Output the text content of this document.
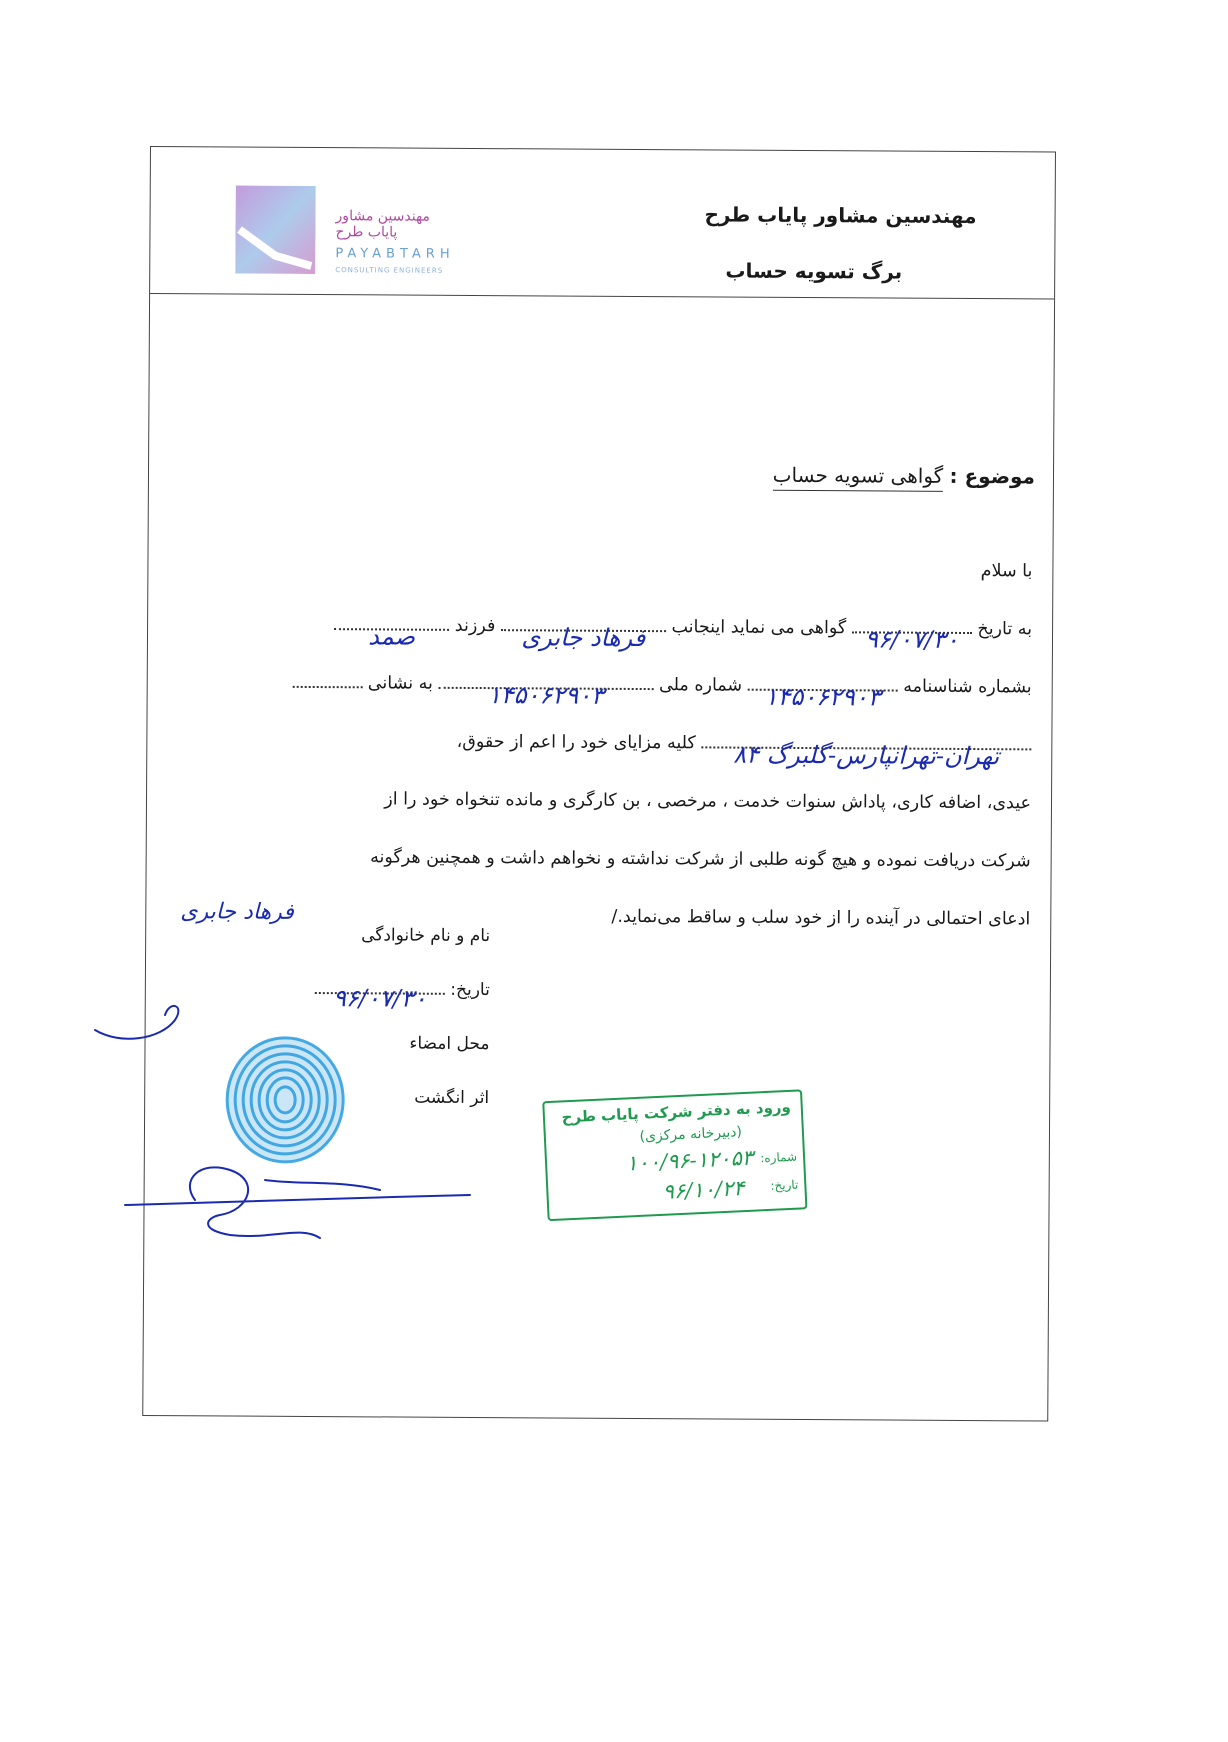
مهندسین مشاور پایاب طرح
PAYABTARH
CONSULTING ENGINEERS
مهندسین مشاور پایاب طرح
برگ تسویه حساب
موضوع : گواهی تسویه حساب
با سلام
به تاریخ
۹۶/۰۷/۳۰
گواهی می نماید اینجانب
فرهاد جابری
فرزند
صمد
بشماره شناسنامه
۱۴۵۰۶۲۹۰۳
شماره ملی
۱۴۵۰۶۲۹۰۳
به نشانی
تهران-تهرانپارس-گلبرگ ۸۴
کلیه مزایای خود را اعم از حقوق،
عیدی، اضافه کاری، پاداش سنوات خدمت ، مرخصی ، بن کارگری و مانده تنخواه خود را از
شرکت دریافت نموده و هیچ گونه طلبی از شرکت نداشته و نخواهم داشت و همچنین هرگونه
ادعای احتمالی در آینده را از خود سلب و ساقط می‌نماید./
نام و نام خانوادگی
فرهاد جابری
تاریخ:
۹۶/۰۷/۳۰
محل امضاء
اثر انگشت	ورود به دفتر شرکت پایاب طرح
(دبیرخانه مرکزی)
شماره:
۱۰۰/۹۶-۱۲۰۵۳
تاریخ:
۹۶/۱۰/۲۴
